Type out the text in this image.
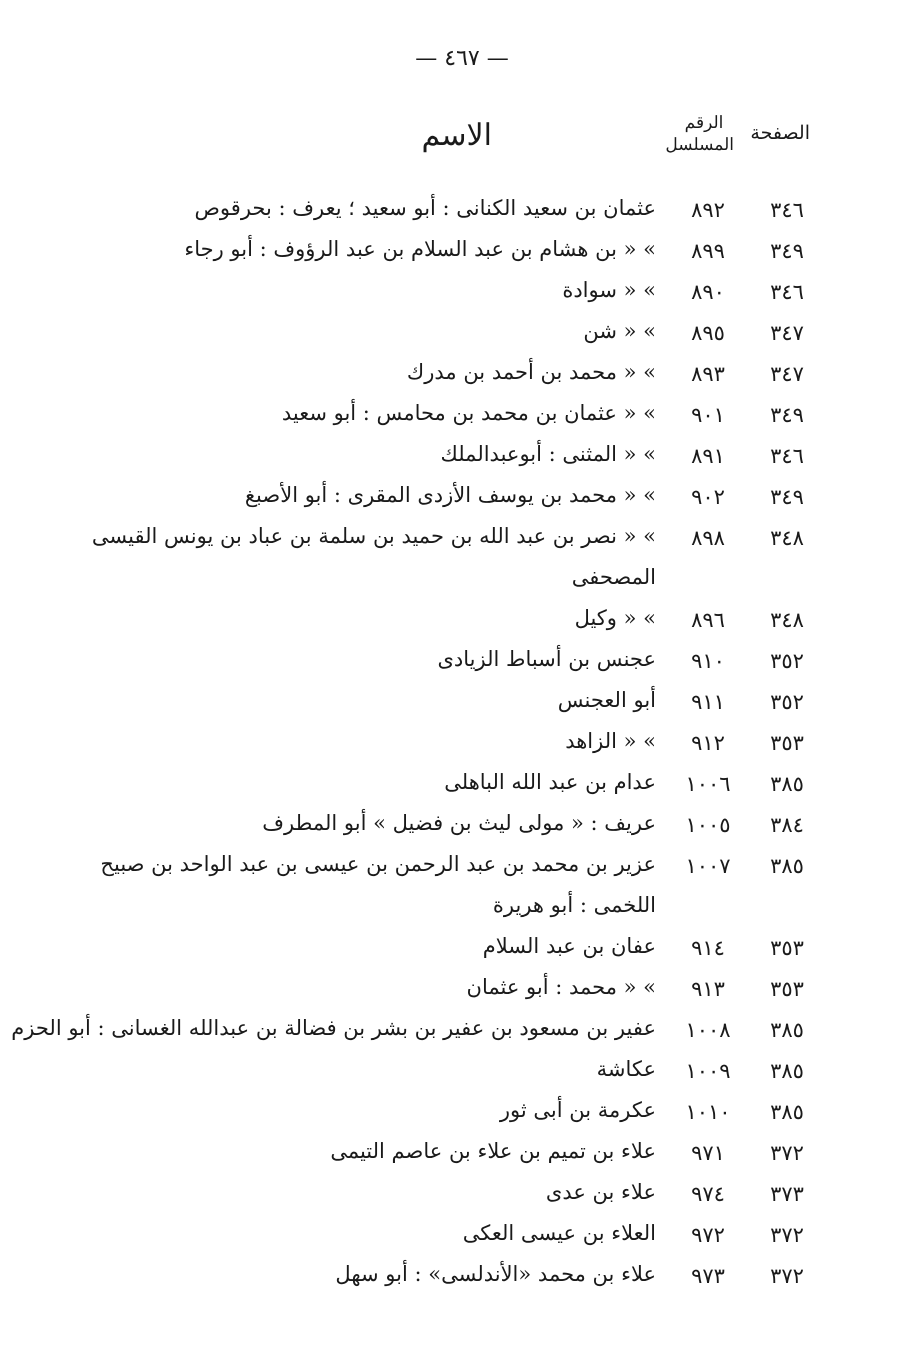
— ٤٦٧ —
الصفحة
الرقم
المسلسل
الاسم
٣٤٦
٨٩٢
عثمان بن سعيد الكنانى : أبو سعيد ؛ يعرف : بحرقوص
٣٤٩
٨٩٩
» « بن هشام بن عبد السلام بن عبد الرؤوف : أبو رجاء
٣٤٦
٨٩٠
» « سوادة
٣٤٧
٨٩٥
» « شن
٣٤٧
٨٩٣
» « محمد بن أحمد بن مدرك
٣٤٩
٩٠١
» « عثمان بن محمد بن محامس : أبو سعيد
٣٤٦
٨٩١
» « المثنى : أبوعبدالملك
٣٤٩
٩٠٢
» « محمد بن يوسف الأزدى المقرى : أبو الأصبغ
٣٤٨
٨٩٨
» « نصر بن عبد الله بن حميد بن سلمة بن عباد بن يونس القيسى
المصحفى
٣٤٨
٨٩٦
» « وكيل
٣٥٢
٩١٠
عجنس بن أسباط الزيادى
٣٥٢
٩١١
أبو العجنس
٣٥٣
٩١٢
» « الزاهد
٣٨٥
١٠٠٦
عدام بن عبد الله الباهلى
٣٨٤
١٠٠٥
عريف : « مولى ليث بن فضيل » أبو المطرف
٣٨٥
١٠٠٧
عزير بن محمد بن عبد الرحمن بن عيسى بن عبد الواحد بن صبيح
اللخمى : أبو هريرة
٣٥٣
٩١٤
عفان بن عبد السلام
٣٥٣
٩١٣
» « محمد : أبو عثمان
٣٨٥
١٠٠٨
عفير بن مسعود بن عفير بن بشر بن فضالة بن عبدالله الغسانى : أبو الحزم
٣٨٥
١٠٠٩
عكاشة
٣٨٥
١٠١٠
عكرمة بن أبى ثور
٣٧٢
٩٧١
علاء بن تميم بن علاء بن عاصم التيمى
٣٧٣
٩٧٤
علاء بن عدى
٣٧٢
٩٧٢
العلاء بن عيسى العكى
٣٧٢
٩٧٣
علاء بن محمد «الأندلسى» : أبو سهل
